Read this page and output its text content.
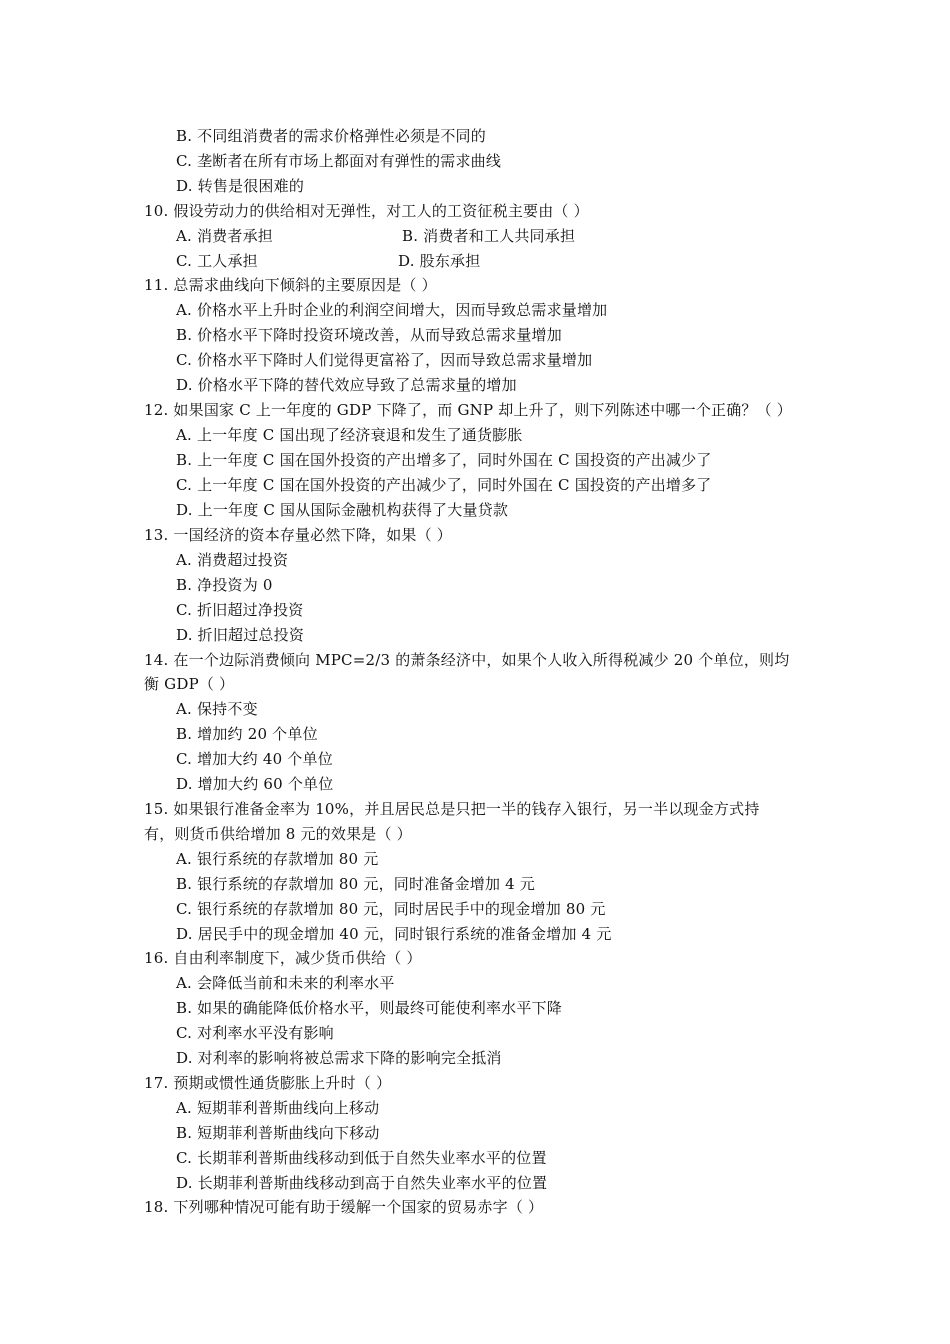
B. 不同组消费者的需求价格弹性必须是不同的
C. 垄断者在所有市场上都面对有弹性的需求曲线
D. 转售是很困难的
10. 假设劳动力的供给相对无弹性，对工人的工资征税主要由（ ）
A. 消费者承担	B. 消费者和工人共同承担
C. 工人承担	D. 股东承担
11. 总需求曲线向下倾斜的主要原因是（ ）
A. 价格水平上升时企业的利润空间增大，因而导致总需求量增加
B. 价格水平下降时投资环境改善，从而导致总需求量增加
C. 价格水平下降时人们觉得更富裕了，因而导致总需求量增加
D. 价格水平下降的替代效应导致了总需求量的增加
12. 如果国家 C 上一年度的 GDP 下降了，而 GNP 却上升了，则下列陈述中哪一个正确？（ ）
A. 上一年度 C 国出现了经济衰退和发生了通货膨胀
B. 上一年度 C 国在国外投资的产出增多了，同时外国在 C 国投资的产出减少了
C. 上一年度 C 国在国外投资的产出减少了，同时外国在 C 国投资的产出增多了
D. 上一年度 C 国从国际金融机构获得了大量贷款
13. 一国经济的资本存量必然下降，如果（ ）
A. 消费超过投资
B. 净投资为 0
C. 折旧超过净投资
D. 折旧超过总投资
14. 在一个边际消费倾向 MPC=2/3 的萧条经济中，如果个人收入所得税减少 20 个单位，则均
衡 GDP（ ）
A. 保持不变
B. 增加约 20 个单位
C. 增加大约 40 个单位
D. 增加大约 60 个单位
15. 如果银行准备金率为 10%，并且居民总是只把一半的钱存入银行，另一半以现金方式持
有，则货币供给增加 8 元的效果是（ ）
A. 银行系统的存款增加 80 元
B. 银行系统的存款增加 80 元，同时准备金增加 4 元
C. 银行系统的存款增加 80 元，同时居民手中的现金增加 80 元
D. 居民手中的现金增加 40 元，同时银行系统的准备金增加 4 元
16. 自由利率制度下，减少货币供给（ ）
A. 会降低当前和未来的利率水平
B. 如果的确能降低价格水平，则最终可能使利率水平下降
C. 对利率水平没有影响
D. 对利率的影响将被总需求下降的影响完全抵消
17. 预期或惯性通货膨胀上升时（ ）
A. 短期菲利普斯曲线向上移动
B. 短期菲利普斯曲线向下移动
C. 长期菲利普斯曲线移动到低于自然失业率水平的位置
D. 长期菲利普斯曲线移动到高于自然失业率水平的位置
18. 下列哪种情况可能有助于缓解一个国家的贸易赤字（ ）
